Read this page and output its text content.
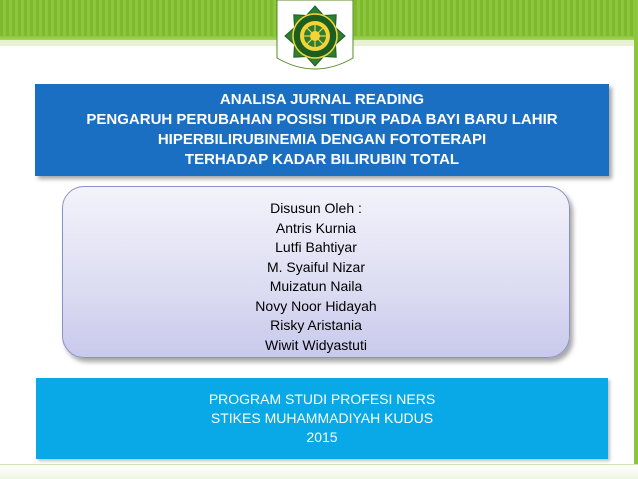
ANALISA JURNAL READING
PENGARUH PERUBAHAN POSISI TIDUR PADA BAYI BARU LAHIR
HIPERBILIRUBINEMIA DENGAN FOTOTERAPI
TERHADAP KADAR BILIRUBIN TOTAL
Disusun Oleh :
Antris Kurnia
Lutfi Bahtiyar
M. Syaiful Nizar
Muizatun Naila
Novy Noor Hidayah
Risky Aristania
Wiwit Widyastuti
PROGRAM STUDI PROFESI NERS
STIKES MUHAMMADIYAH KUDUS
2015
